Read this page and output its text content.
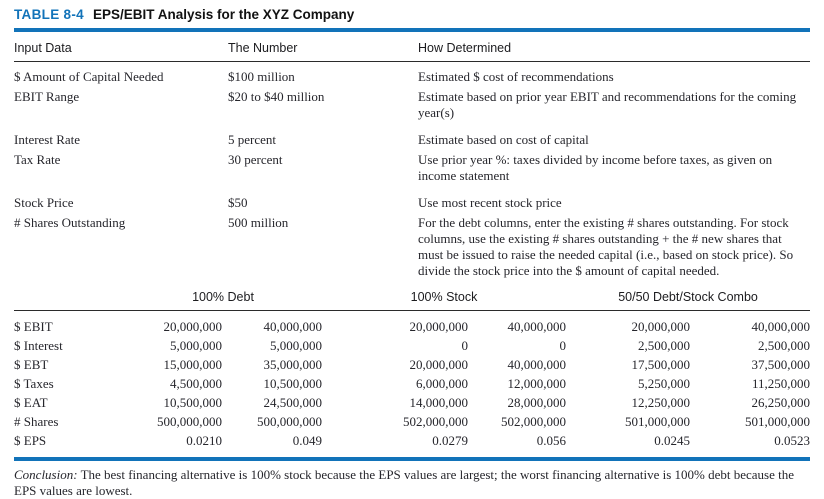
TABLE 8-4 EPS/EBIT Analysis for the XYZ Company
Input Data	The Number	How Determined
$ Amount of Capital Needed	$100 million	Estimated $ cost of recommendations
EBIT Range	$20 to $40 million	Estimate based on prior year EBIT and recommendations for the coming year(s)
Interest Rate	5 percent	Estimate based on cost of capital
Tax Rate	30 percent	Use prior year %: taxes divided by income before taxes, as given on income statement
Stock Price	$50	Use most recent stock price
# Shares Outstanding	500 million	For the debt columns, enter the existing # shares outstanding. For stock columns, use the existing # shares outstanding + the # new shares that must be issued to raise the needed capital (i.e., based on stock price). So divide the stock price into the $ amount of capital needed.
	100% Debt		100% Stock		50/50 Debt/Stock Combo	
$ EBIT	20,000,000	40,000,000	20,000,000	40,000,000	20,000,000	40,000,000
$ Interest	5,000,000	5,000,000	0	0	2,500,000	2,500,000
$ EBT	15,000,000	35,000,000	20,000,000	40,000,000	17,500,000	37,500,000
$ Taxes	4,500,000	10,500,000	6,000,000	12,000,000	5,250,000	11,250,000
$ EAT	10,500,000	24,500,000	14,000,000	28,000,000	12,250,000	26,250,000
# Shares	500,000,000	500,000,000	502,000,000	502,000,000	501,000,000	501,000,000
$ EPS	0.0210	0.049	0.0279	0.056	0.0245	0.0523

Conclusion: The best financing alternative is 100% stock because the EPS values are largest; the worst financing alternative is 100% debt because the EPS values are lowest.
